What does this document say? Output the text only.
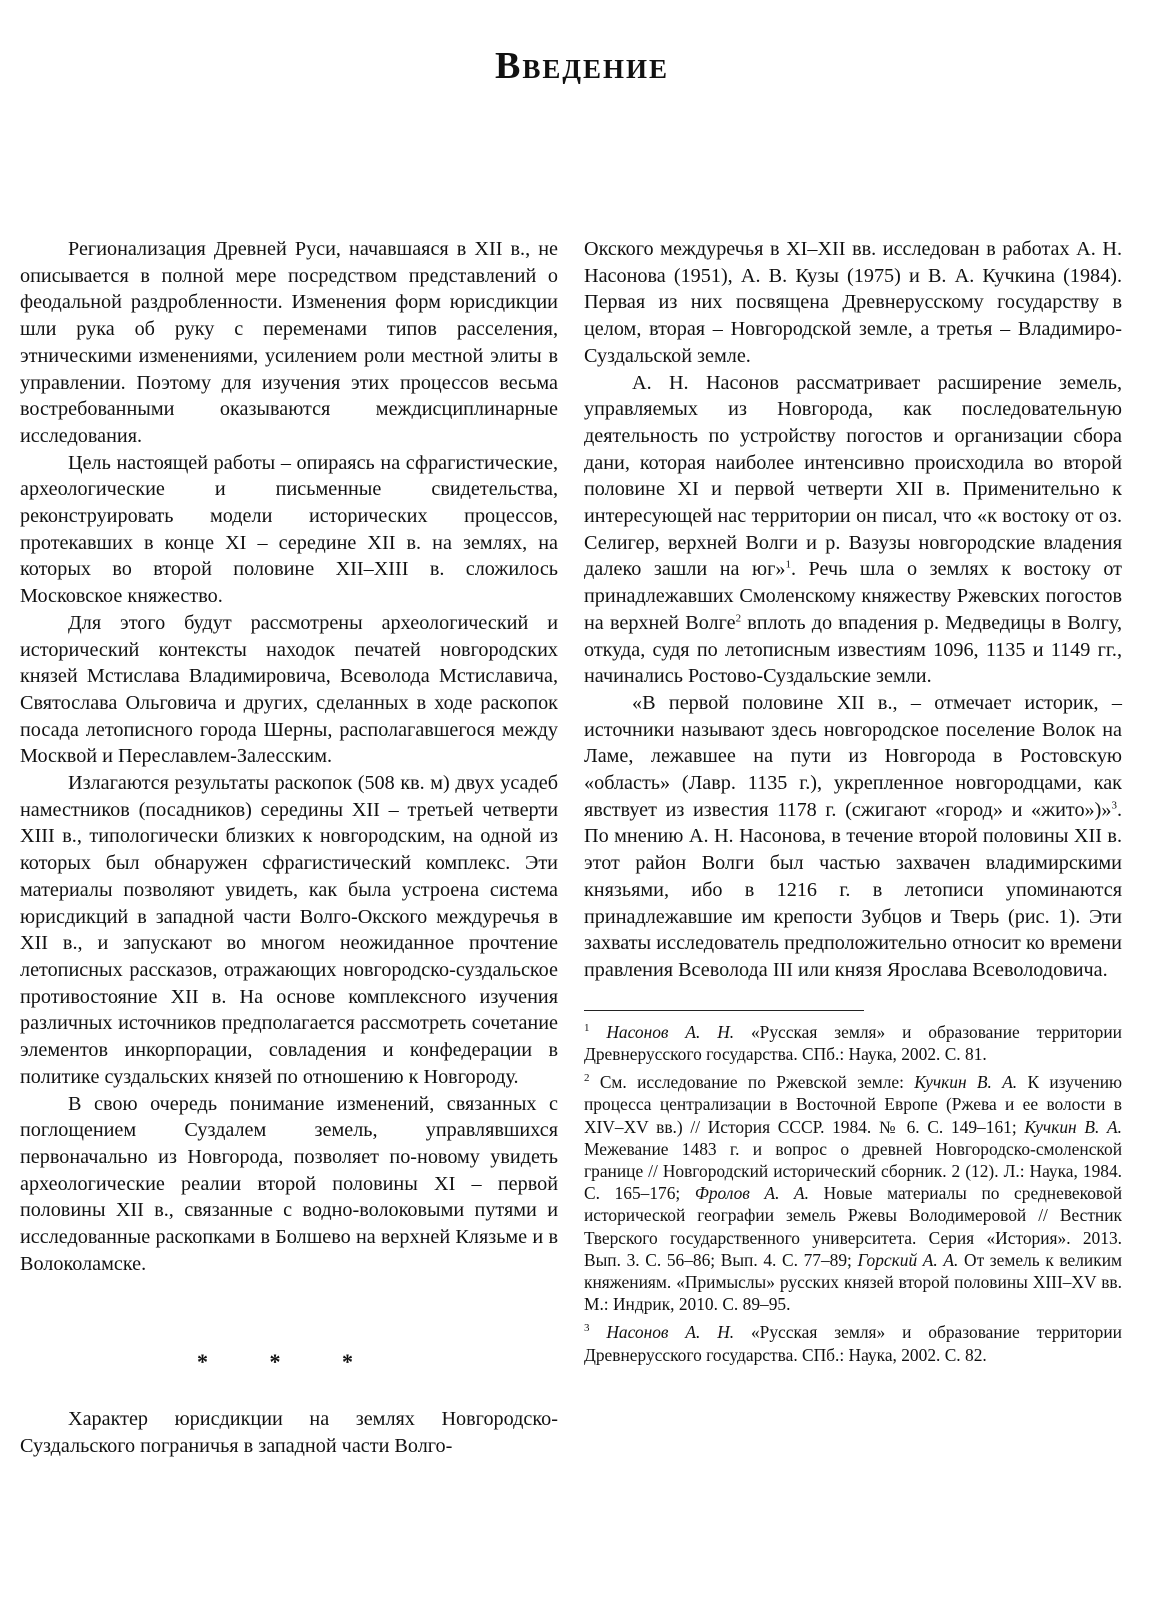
Введение

Регионализация Древней Руси, начавшаяся в XII в., не описывается в полной мере посредством представлений о феодальной раздробленности. Изменения форм юрисдикции шли рука об руку с переменами типов расселения, этническими изменениями, усилением роли местной элиты в управлении. Поэтому для изучения этих процессов весьма востребованными оказываются междисциплинарные исследования.

Цель настоящей работы – опираясь на сфрагистические, археологические и письменные свидетельства, реконструировать модели исторических процессов, протекавших в конце XI – середине XII в. на землях, на которых во второй половине XII–XIII в. сложилось Московское княжество.

Для этого будут рассмотрены археологический и исторический контексты находок печатей новгородских князей Мстислава Владимировича, Всеволода Мстиславича, Святослава Ольговича и других, сделанных в ходе раскопок посада летописного города Шерны, располагавшегося между Москвой и Переславлем-Залесским.

Излагаются результаты раскопок (508 кв. м) двух усадеб наместников (посадников) середины XII – третьей четверти XIII в., типологически близких к новгородским, на одной из которых был обнаружен сфрагистический комплекс. Эти материалы позволяют увидеть, как была устроена система юрисдикций в западной части Волго-Окского междуречья в XII в., и запускают во многом неожиданное прочтение летописных рассказов, отражающих новгородско-суздальское противостояние XII в. На основе комплексного изучения различных источников предполагается рассмотреть сочетание элементов инкорпорации, совладения и конфедерации в политике суздальских князей по отношению к Новгороду.

В свою очередь понимание изменений, связанных с поглощением Суздалем земель, управлявшихся первоначально из Новгорода, позволяет по-новому увидеть археологические реалии второй половины XI – первой половины XII в., связанные с водно-волоковыми путями и исследованные раскопками в Болшево на верхней Клязьме и в Волоколамске.

* * *

Характер юрисдикции на землях Новгородско-Суздальского пограничья в западной части Волго-

Окского междуречья в XI–XII вв. исследован в работах А. Н. Насонова (1951), А. В. Кузы (1975) и В. А. Кучкина (1984). Первая из них посвящена Древнерусскому государству в целом, вторая – Новгородской земле, а третья – Владимиро-Суздальской земле.

А. Н. Насонов рассматривает расширение земель, управляемых из Новгорода, как последовательную деятельность по устройству погостов и организации сбора дани, которая наиболее интенсивно происходила во второй половине XI и первой четверти XII в. Применительно к интересующей нас территории он писал, что «к востоку от оз. Селигер, верхней Волги и р. Вазузы новгородские владения далеко зашли на юг»$^1$. Речь шла о землях к востоку от принадлежавших Смоленскому княжеству Ржевских погостов на верхней Волге$^2$ вплоть до впадения р. Медведицы в Волгу, откуда, судя по летописным известиям 1096, 1135 и 1149 гг., начинались Ростово-Суздальские земли.

«В первой половине XII в., – отмечает историк, – источники называют здесь новгородское поселение Волок на Ламе, лежавшее на пути из Новгорода в Ростовскую «область» (Лавр. 1135 г.), укрепленное новгородцами, как явствует из известия 1178 г. (сжигают «город» и «жито»)»$^3$. По мнению А. Н. Насонова, в течение второй половины XII в. этот район Волги был частью захвачен владимирскими князьями, ибо в 1216 г. в летописи упоминаются принадлежавшие им крепости Зубцов и Тверь (рис. 1). Эти захваты исследователь предположительно относит ко времени правления Всеволода III или князя Ярослава Всеволодовича.

$^1$ Насонов А. Н. «Русская земля» и образование территории Древнерусского государства. СПб.: Наука, 2002. С. 81.
$^2$ См. исследование по Ржевской земле: Кучкин В. А. К изучению процесса централизации в Восточной Европе (Ржева и ее волости в XIV–XV вв.) // История СССР. 1984. № 6. С. 149–161; Кучкин В. А. Межевание 1483 г. и вопрос о древней Новгородско-смоленской границе // Новгородский исторический сборник. 2 (12). Л.: Наука, 1984. С. 165–176; Фролов А. А. Новые материалы по средневековой исторической географии земель Ржевы Володимеровой // Вестник Тверского государственного университета. Серия «История». 2013. Вып. 3. С. 56–86; Вып. 4. С. 77–89; Горский А. А. От земель к великим княжениям. «Примыслы» русских князей второй половины XIII–XV вв. М.: Индрик, 2010. С. 89–95.
$^3$ Насонов А. Н. «Русская земля» и образование территории Древнерусского государства. СПб.: Наука, 2002. С. 82.
